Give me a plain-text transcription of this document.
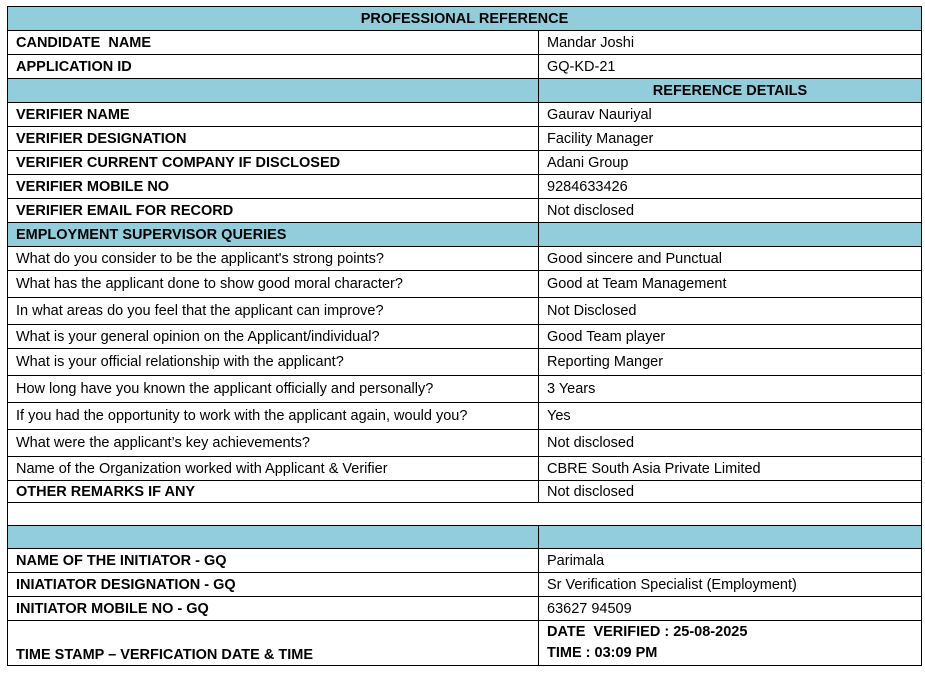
PROFESSIONAL REFERENCE	
CANDIDATE  NAME	Mandar Joshi
APPLICATION ID	GQ-KD-21
	REFERENCE DETAILS
VERIFIER NAME	Gaurav Nauriyal
VERIFIER DESIGNATION	Facility Manager
VERIFIER CURRENT COMPANY IF DISCLOSED	Adani Group
VERIFIER MOBILE NO	9284633426
VERIFIER EMAIL FOR RECORD	Not disclosed
EMPLOYMENT SUPERVISOR QUERIES	
What do you consider to be the applicant's strong points?	Good sincere and Punctual
What has the applicant done to show good moral character?	Good at Team Management
In what areas do you feel that the applicant can improve?	Not Disclosed
What is your general opinion on the Applicant/individual?	Good Team player
What is your official relationship with the applicant?	Reporting Manger
How long have you known the applicant officially and personally?	3 Years
If you had the opportunity to work with the applicant again, would you?	Yes
What were the applicant’s key achievements?	Not disclosed
Name of the Organization worked with Applicant & Verifier	CBRE South Asia Private Limited
OTHER REMARKS IF ANY	Not disclosed

NAME OF THE INITIATOR - GQ	Parimala
INIATIATOR DESIGNATION - GQ	Sr Verification Specialist (Employment)
INITIATOR MOBILE NO - GQ	63627 94509
TIME STAMP – VERFICATION DATE & TIME	DATE  VERIFIED : 25-08-2025
TIME : 03:09 PM
